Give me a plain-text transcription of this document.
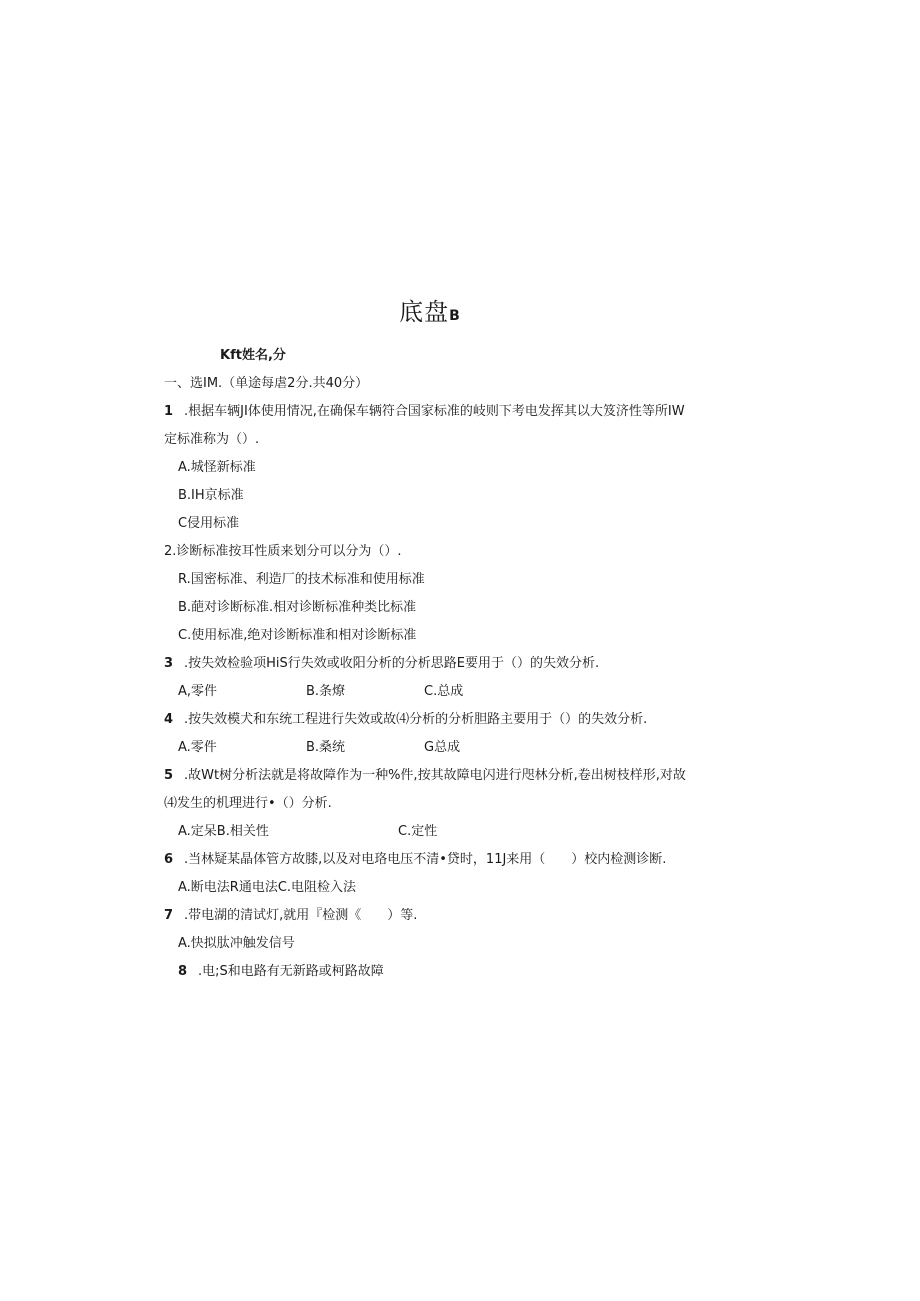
底盘B
Kft姓名,分
一、选IM.（单途每虐2分.共40分）
1 .根据车辆JI体使用情况,在确保车辆符合国家标准的岐则下考电发挥其以大笈济性等所IW
定标准称为（）.
A.城怪新标准
B.IH京标准
C侵用标准
2.诊断标准按耳性质来划分可以分为（）.
R.国密标准、利造厂的技术标准和使用标准
B.葩对诊断标准.相对诊断标准种类比标准
C.使用标准,绝对诊断标准和相对诊断标准
3 .按失效检验项HiS行失效或收阳分析的分析思路E要用于（）的失效分析.
A,零件	B.条燎	C.总成
4 .按失效模犬和东统工程进行失效或故⑷分析的分析胆路主要用于（）的失效分析.
A.零件	B.桑统	G总成
5 .故Wt树分析法就是将故障作为一种%件,按其故障电闪进行咫林分析,卷出树枝样形,对故
⑷发生的机理进行•（）分析.
A.定呆B.相关性	C.定性
6 .当林疑某晶体管方故膝,以及对电珞电压不清•贷时，11J来用（　　）校内检测诊断.
A.断电法R通电法C.电阻检入法
7 .带电湖的清试灯,就用『检测《　　）等.
A.快拟肽冲触发信号
8 .电;S和电路有无新路或柯路故障
